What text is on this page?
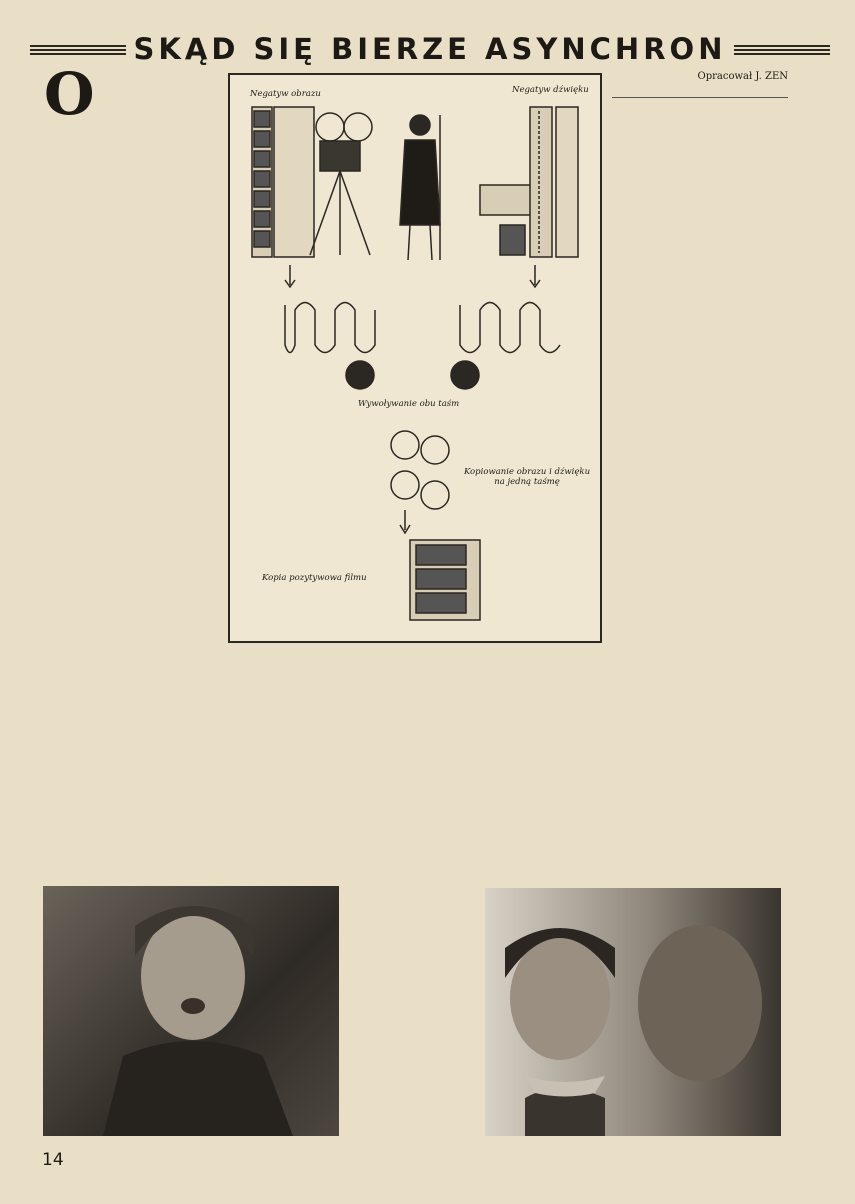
SKĄD SIĘ BIERZE ASYNCHRON

O	Negatyw obrazu	Negatyw dźwięku
Wywoływanie obu taśm
Kopiowanie obrazu i dźwięku na jedną taśmę
Kopia pozytywowa filmu
Opracował J. ZEN
14
